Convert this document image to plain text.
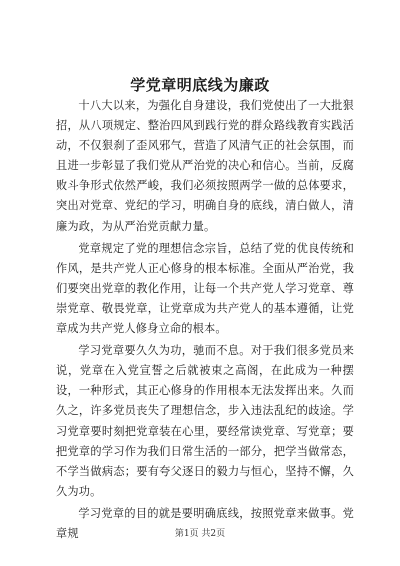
学党章明底线为廉政

十八大以来，为强化自身建设，我们党使出了一大批狠招，从八项规定、整治四风到践行党的群众路线教育实践活动，不仅狠刹了歪风邪气，营造了风清气正的社会氛围，而且进一步彰显了我们党从严治党的决心和信心。当前，反腐败斗争形式依然严峻，我们必须按照两学一做的总体要求，突出对党章、党纪的学习，明确自身的底线，清白做人，清廉为政，为从严治党贡献力量。

党章规定了党的理想信念宗旨，总结了党的优良传统和作风，是共产党人正心修身的根本标准。全面从严治党，我们要突出党章的教化作用，让每一个共产党人学习党章、尊崇党章、敬畏党章，让党章成为共产党人的基本遵循，让党章成为共产党人修身立命的根本。

学习党章要久久为功，驰而不息。对于我们很多党员来说，党章在入党宣誓之后就被束之高阁，在此成为一种摆设，一种形式，其正心修身的作用根本无法发挥出来。久而久之，许多党员丧失了理想信念，步入违法乱纪的歧途。学习党章要时刻把党章装在心里，要经常读党章、写党章；要把党章的学习作为我们日常生活的一部分，把学当做常态，不学当做病态；要有夸父逐日的毅力与恒心，坚持不懈，久久为功。

学习党章的目的就是要明确底线，按照党章来做事。党章规	第1页 共2页
